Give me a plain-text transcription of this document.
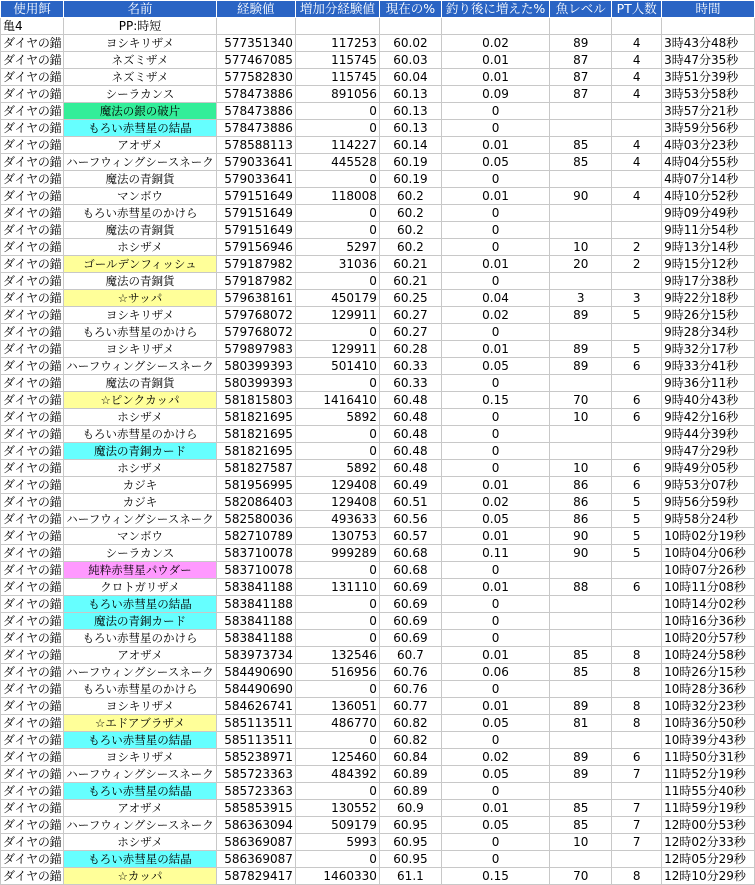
使用餌	名前	経験値	増加分経験値	現在の%	釣り後に増えた%	魚レベル	PT人数	時間
亀4	PP:時短							
ダイヤの錨	ヨシキリザメ	577351340	117253	60.02	0.02	89	4	3時43分48秒
ダイヤの錨	ネズミザメ	577467085	115745	60.03	0.01	87	4	3時47分35秒
ダイヤの錨	ネズミザメ	577582830	115745	60.04	0.01	87	4	3時51分39秒
ダイヤの錨	シーラカンス	578473886	891056	60.13	0.09	87	4	3時53分58秒
ダイヤの錨	魔法の銀の破片	578473886	0	60.13	0			3時57分21秒
ダイヤの錨	もろい赤彗星の結晶	578473886	0	60.13	0			3時59分56秒
ダイヤの錨	アオザメ	578588113	114227	60.14	0.01	85	4	4時03分23秒
ダイヤの錨	ハーフウィングシースネーク	579033641	445528	60.19	0.05	85	4	4時04分55秒
ダイヤの錨	魔法の青銅貨	579033641	0	60.19	0			4時07分14秒
ダイヤの錨	マンボウ	579151649	118008	60.2	0.01	90	4	4時10分52秒
ダイヤの錨	もろい赤彗星のかけら	579151649	0	60.2	0			9時09分49秒
ダイヤの錨	魔法の青銅貨	579151649	0	60.2	0			9時11分54秒
ダイヤの錨	ホシザメ	579156946	5297	60.2	0	10	2	9時13分14秒
ダイヤの錨	ゴールデンフィッシュ	579187982	31036	60.21	0.01	20	2	9時15分12秒
ダイヤの錨	魔法の青銅貨	579187982	0	60.21	0			9時17分38秒
ダイヤの錨	☆サッパ	579638161	450179	60.25	0.04	3	3	9時22分18秒
ダイヤの錨	ヨシキリザメ	579768072	129911	60.27	0.02	89	5	9時26分15秒
ダイヤの錨	もろい赤彗星のかけら	579768072	0	60.27	0			9時28分34秒
ダイヤの錨	ヨシキリザメ	579897983	129911	60.28	0.01	89	5	9時32分17秒
ダイヤの錨	ハーフウィングシースネーク	580399393	501410	60.33	0.05	89	6	9時33分41秒
ダイヤの錨	魔法の青銅貨	580399393	0	60.33	0			9時36分11秒
ダイヤの錨	☆ピンクカッパ	581815803	1416410	60.48	0.15	70	6	9時40分43秒
ダイヤの錨	ホシザメ	581821695	5892	60.48	0	10	6	9時42分16秒
ダイヤの錨	もろい赤彗星のかけら	581821695	0	60.48	0			9時44分39秒
ダイヤの錨	魔法の青銅カード	581821695	0	60.48	0			9時47分29秒
ダイヤの錨	ホシザメ	581827587	5892	60.48	0	10	6	9時49分05秒
ダイヤの錨	カジキ	581956995	129408	60.49	0.01	86	6	9時53分07秒
ダイヤの錨	カジキ	582086403	129408	60.51	0.02	86	5	9時56分59秒
ダイヤの錨	ハーフウィングシースネーク	582580036	493633	60.56	0.05	86	5	9時58分24秒
ダイヤの錨	マンボウ	582710789	130753	60.57	0.01	90	5	10時02分19秒
ダイヤの錨	シーラカンス	583710078	999289	60.68	0.11	90	5	10時04分06秒
ダイヤの錨	純粋赤彗星パウダー	583710078	0	60.68	0			10時07分26秒
ダイヤの錨	クロトガリザメ	583841188	131110	60.69	0.01	88	6	10時11分08秒
ダイヤの錨	もろい赤彗星の結晶	583841188	0	60.69	0			10時14分02秒
ダイヤの錨	魔法の青銅カード	583841188	0	60.69	0			10時16分36秒
ダイヤの錨	もろい赤彗星のかけら	583841188	0	60.69	0			10時20分57秒
ダイヤの錨	アオザメ	583973734	132546	60.7	0.01	85	8	10時24分58秒
ダイヤの錨	ハーフウィングシースネーク	584490690	516956	60.76	0.06	85	8	10時26分15秒
ダイヤの錨	もろい赤彗星のかけら	584490690	0	60.76	0			10時28分36秒
ダイヤの錨	ヨシキリザメ	584626741	136051	60.77	0.01	89	8	10時32分23秒
ダイヤの錨	☆エドアブラザメ	585113511	486770	60.82	0.05	81	8	10時36分50秒
ダイヤの錨	もろい赤彗星の結晶	585113511	0	60.82	0			10時39分43秒
ダイヤの錨	ヨシキリザメ	585238971	125460	60.84	0.02	89	6	11時50分31秒
ダイヤの錨	ハーフウィングシースネーク	585723363	484392	60.89	0.05	89	7	11時52分19秒
ダイヤの錨	もろい赤彗星の結晶	585723363	0	60.89	0			11時55分40秒
ダイヤの錨	アオザメ	585853915	130552	60.9	0.01	85	7	11時59分19秒
ダイヤの錨	ハーフウィングシースネーク	586363094	509179	60.95	0.05	85	7	12時00分53秒
ダイヤの錨	ホシザメ	586369087	5993	60.95	0	10	7	12時02分33秒
ダイヤの錨	もろい赤彗星の結晶	586369087	0	60.95	0			12時05分29秒
ダイヤの錨	☆カッパ	587829417	1460330	61.1	0.15	70	8	12時10分29秒
